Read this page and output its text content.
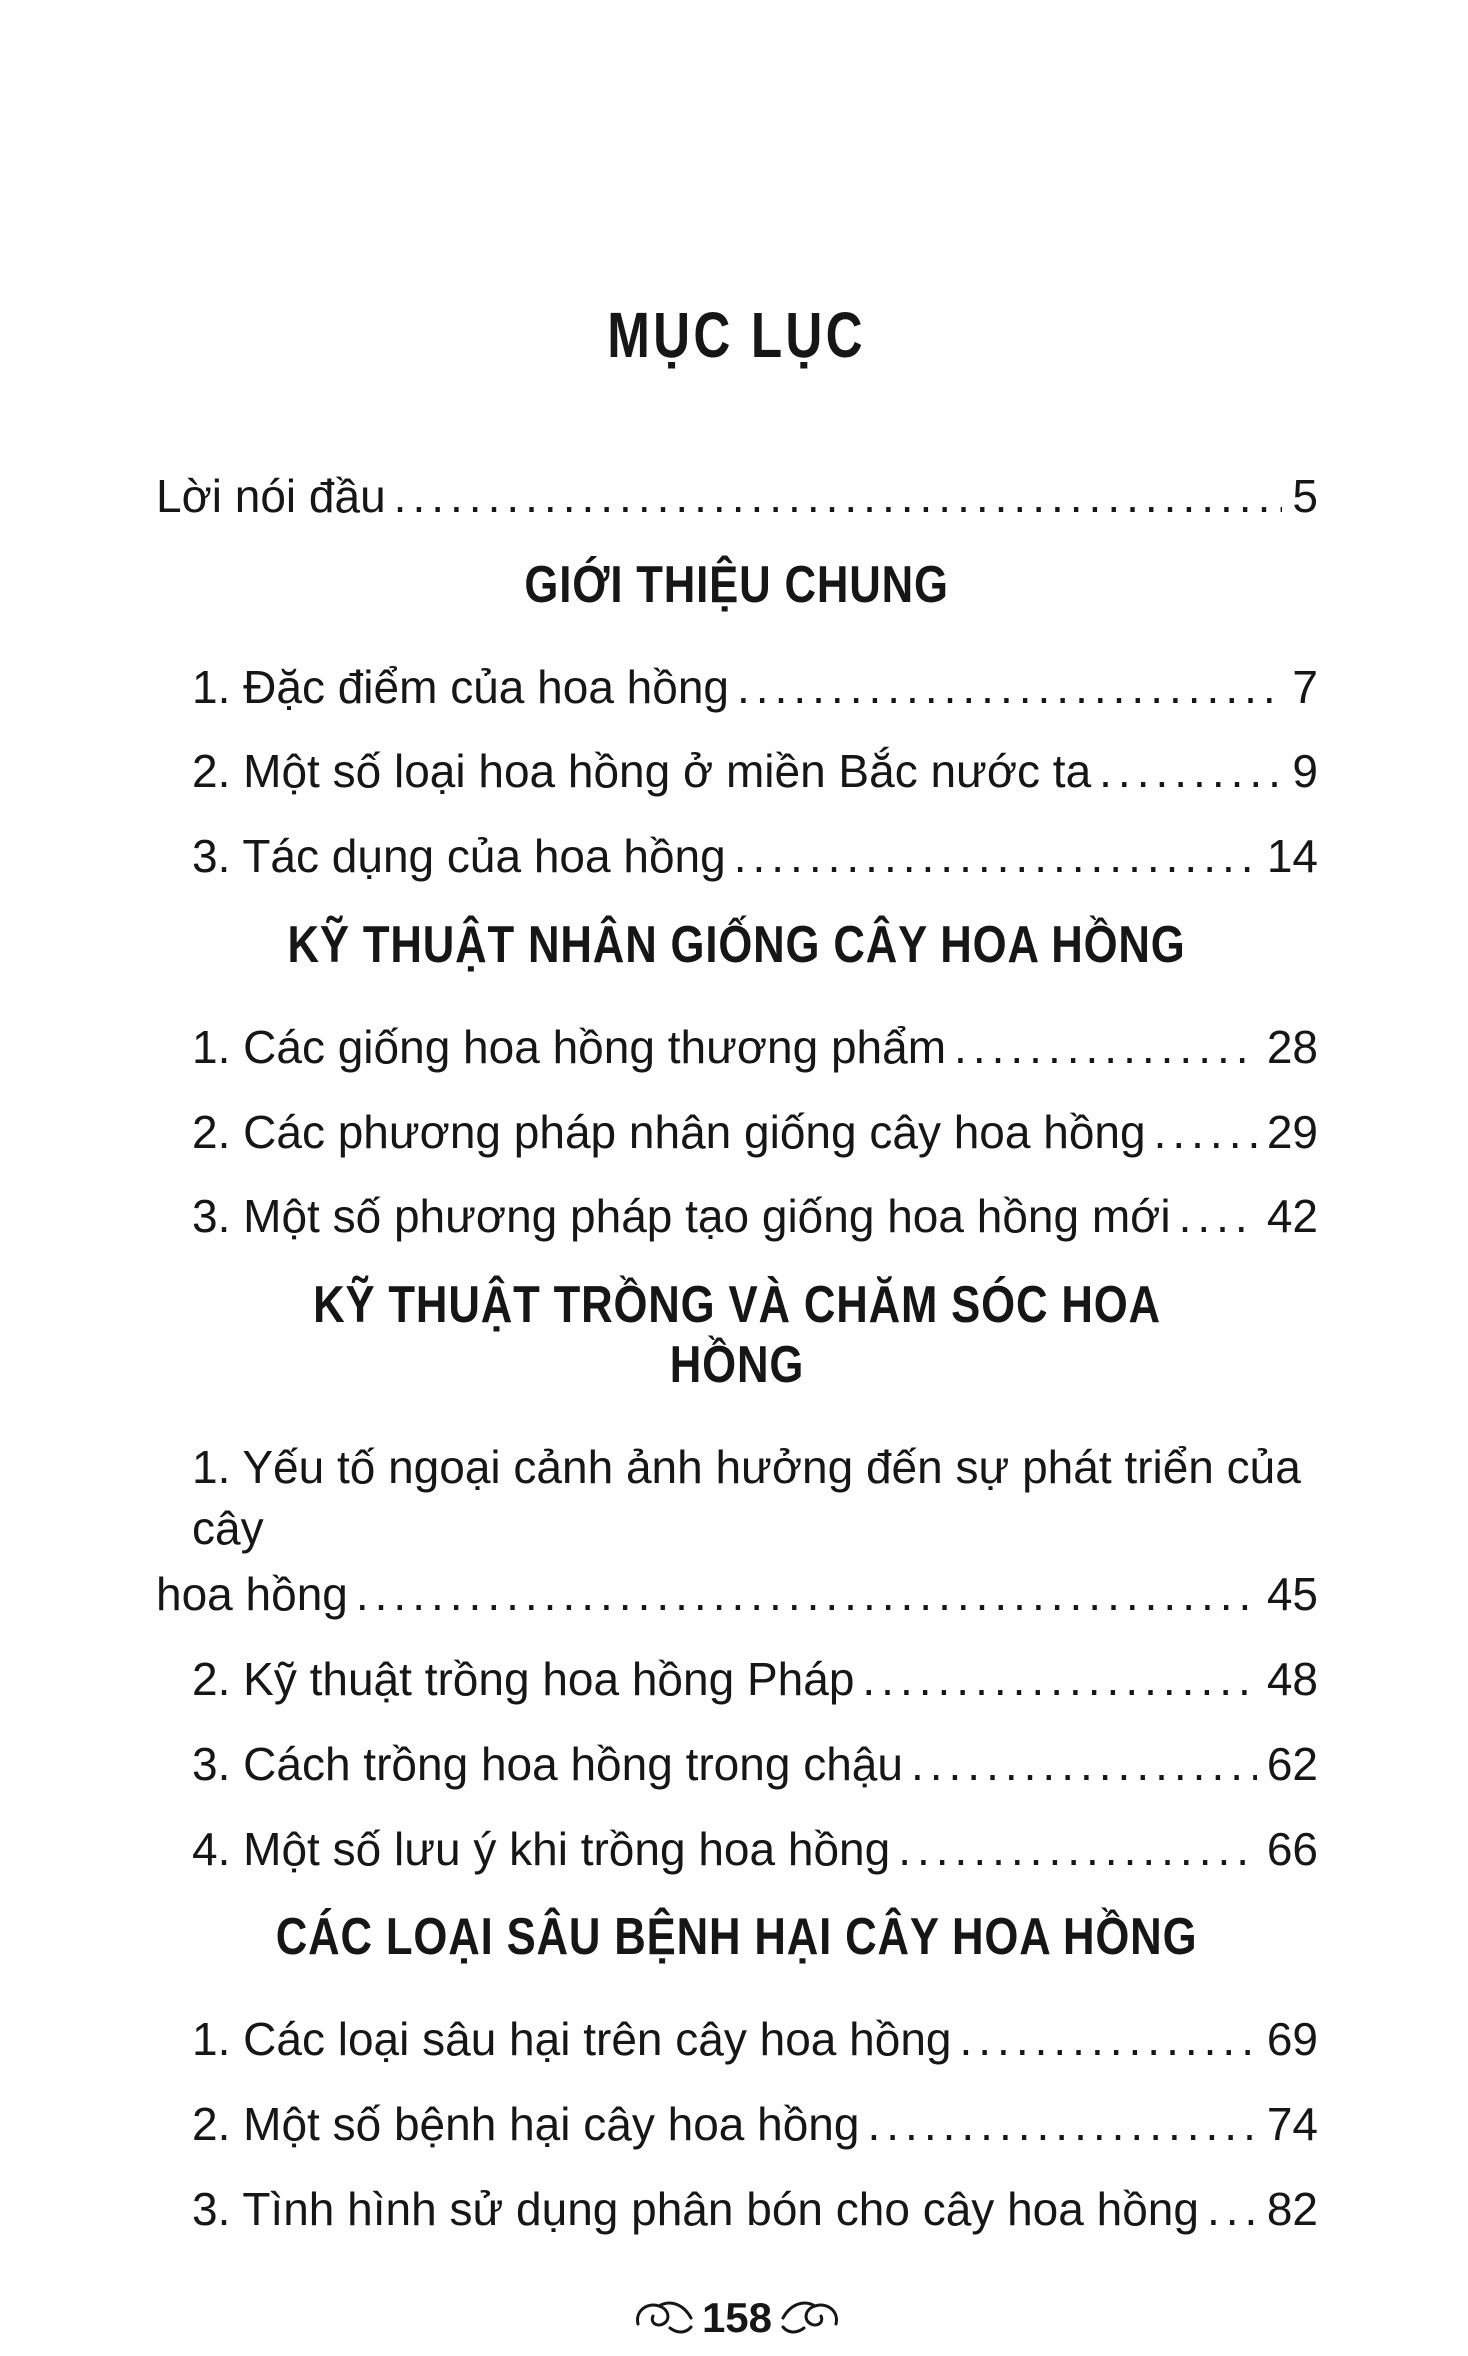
MỤC LỤC
Lời nói đầu .....	5
GIỚI THIỆU CHUNG
1. Đặc điểm của hoa hồng .....	7
2. Một số loại hoa hồng ở miền Bắc nước ta .....	9
3. Tác dụng của hoa hồng .....	14
KỸ THUẬT NHÂN GIỐNG CÂY HOA HỒNG
1. Các giống hoa hồng thương phẩm .....	28
2. Các phương pháp nhân giống cây hoa hồng .....	29
3. Một số phương pháp tạo giống hoa hồng mới ..... 42
KỸ THUẬT TRỒNG VÀ CHĂM SÓC HOA HỒNG
1. Yếu tố ngoại cảnh ảnh hưởng đến sự phát triển của cây
hoa hồng .....	45
2. Kỹ thuật trồng hoa hồng Pháp .....	48
3. Cách trồng hoa hồng trong chậu .....	62
4. Một số lưu ý khi trồng hoa hồng .....	66
CÁC LOẠI SÂU BỆNH HẠI CÂY HOA HỒNG
1. Các loại sâu hại trên cây hoa hồng .....	69
2. Một số bệnh hại cây hoa hồng .....	74
3. Tình hình sử dụng phân bón cho cây hoa hồng ..... 82
158
